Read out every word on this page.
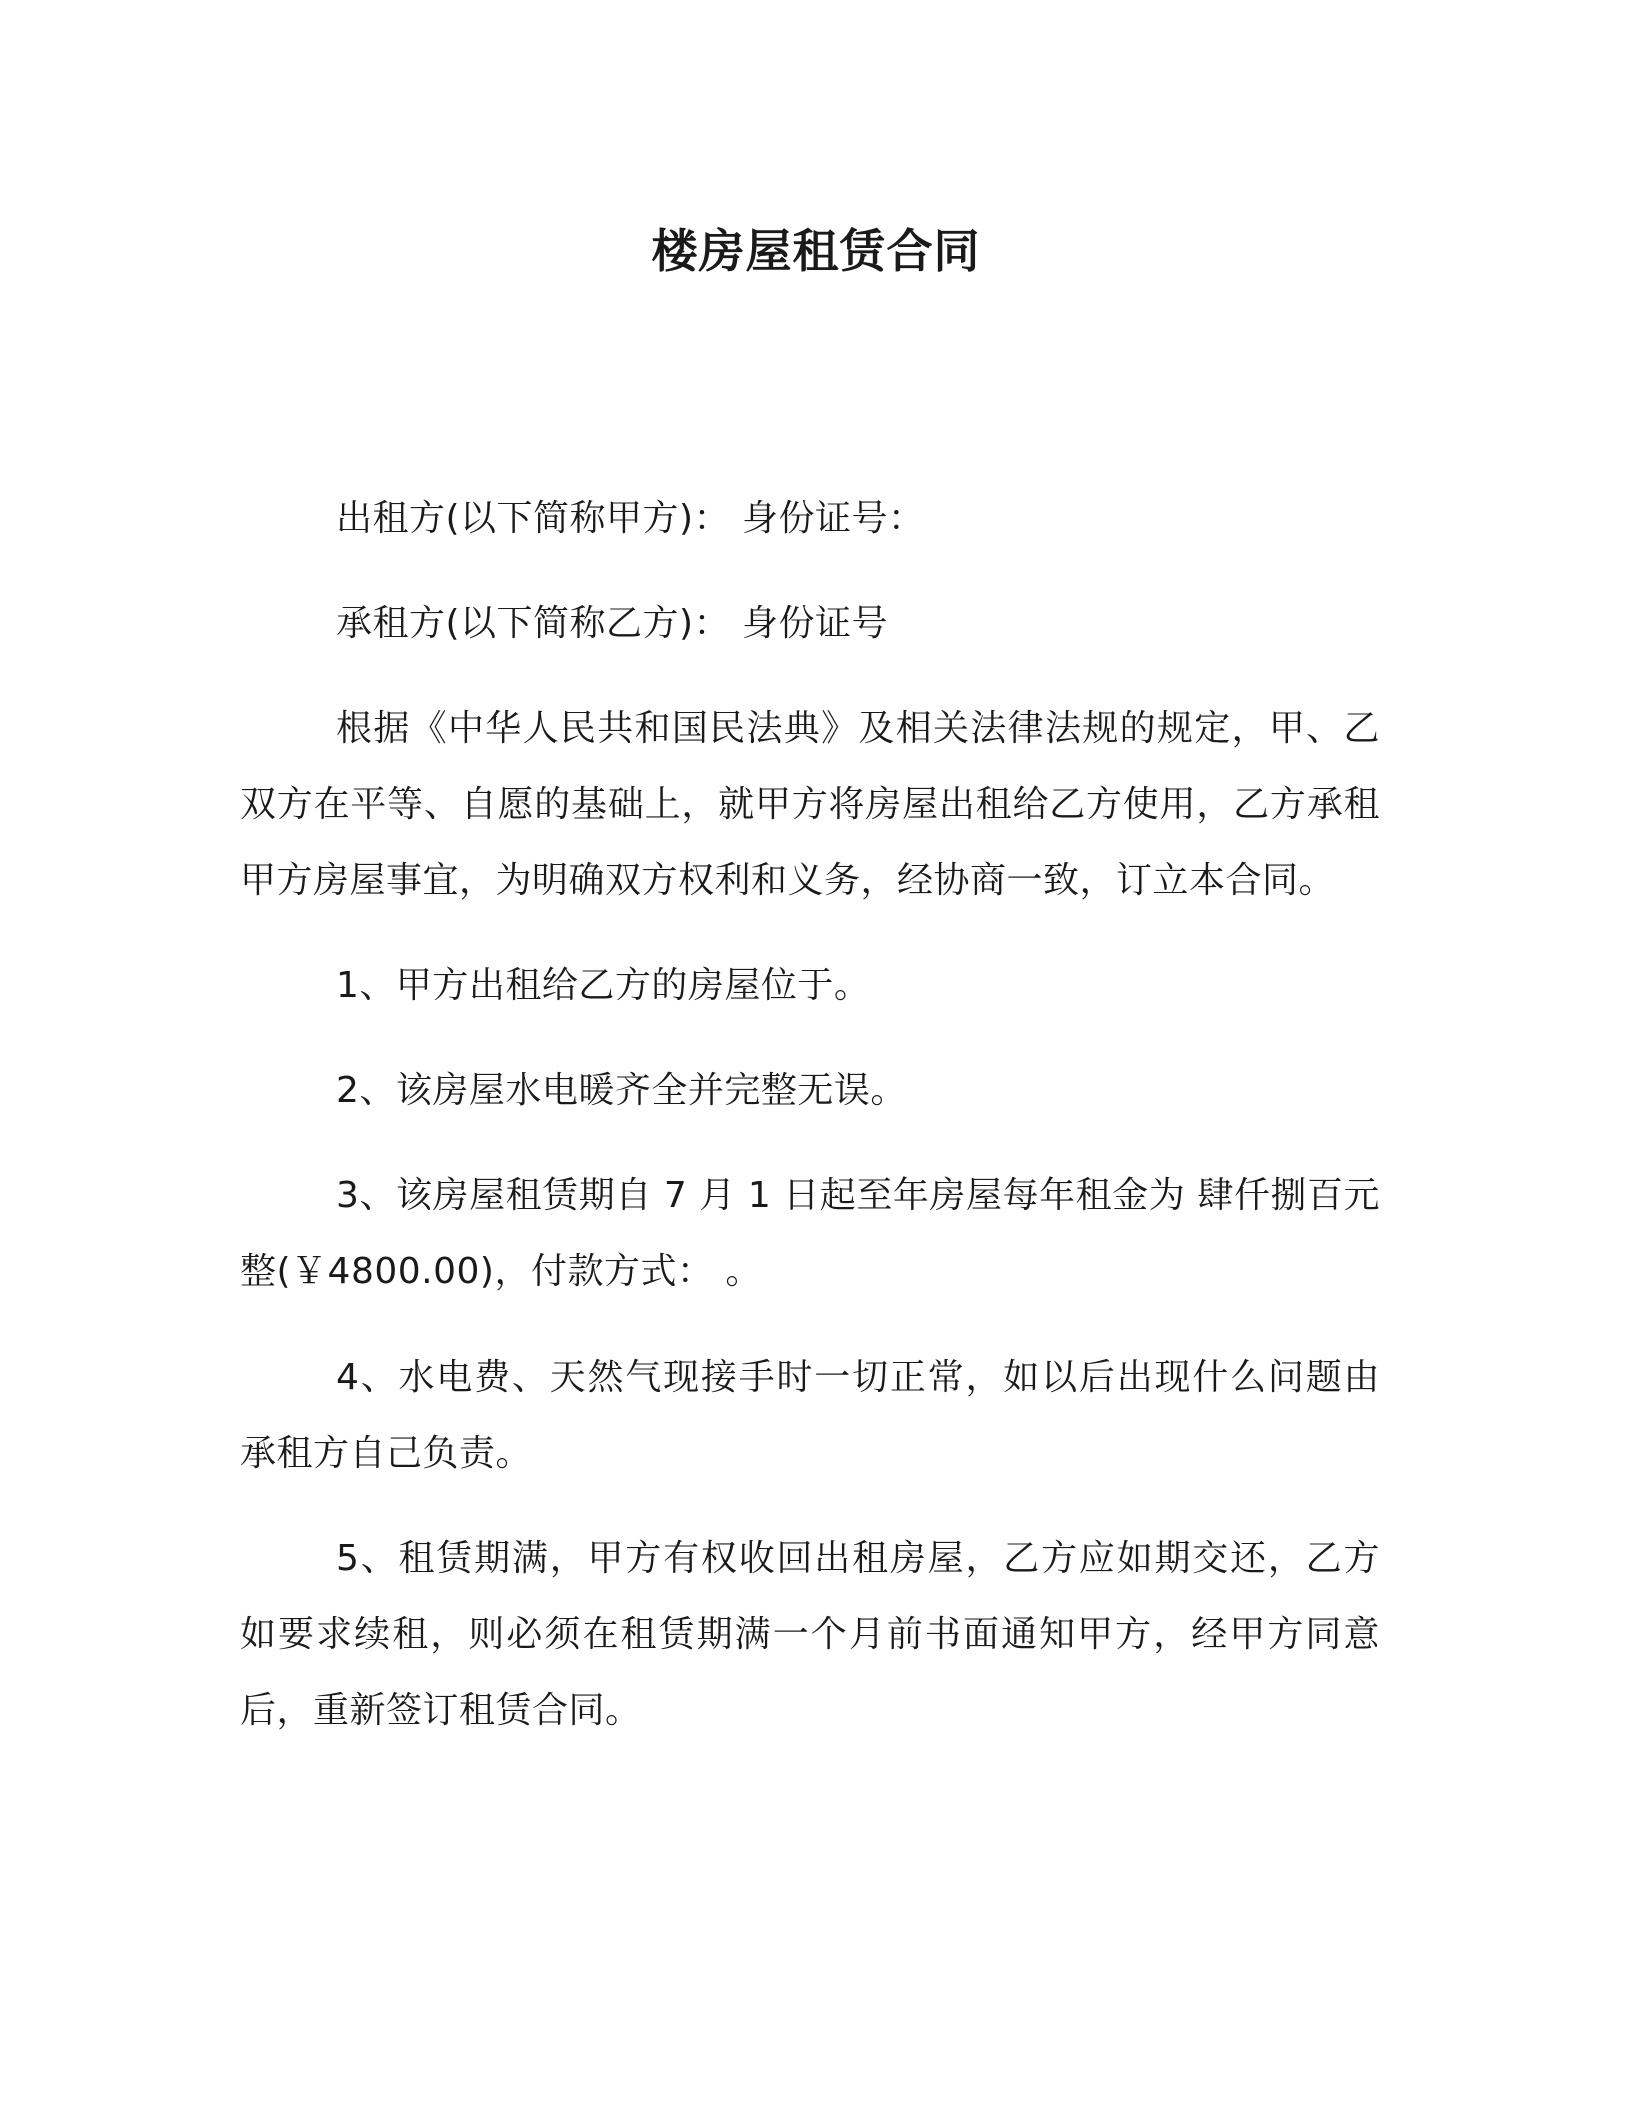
楼房屋租赁合同

出租方(以下简称甲方)： 身份证号：

承租方(以下简称乙方)： 身份证号

根据《中华人民共和国民法典》及相关法律法规的规定，甲、乙双方在平等、自愿的基础上，就甲方将房屋出租给乙方使用，乙方承租甲方房屋事宜，为明确双方权利和义务，经协商一致，订立本合同。

1、甲方出租给乙方的房屋位于。

2、该房屋水电暖齐全并完整无误。

3、该房屋租赁期自 7 月 1 日起至年房屋每年租金为 肆仟捌百元整(￥4800.00)，付款方式： 。

4、水电费、天然气现接手时一切正常，如以后出现什么问题由承租方自己负责。

5、租赁期满，甲方有权收回出租房屋，乙方应如期交还，乙方如要求续租，则必须在租赁期满一个月前书面通知甲方，经甲方同意后，重新签订租赁合同。
